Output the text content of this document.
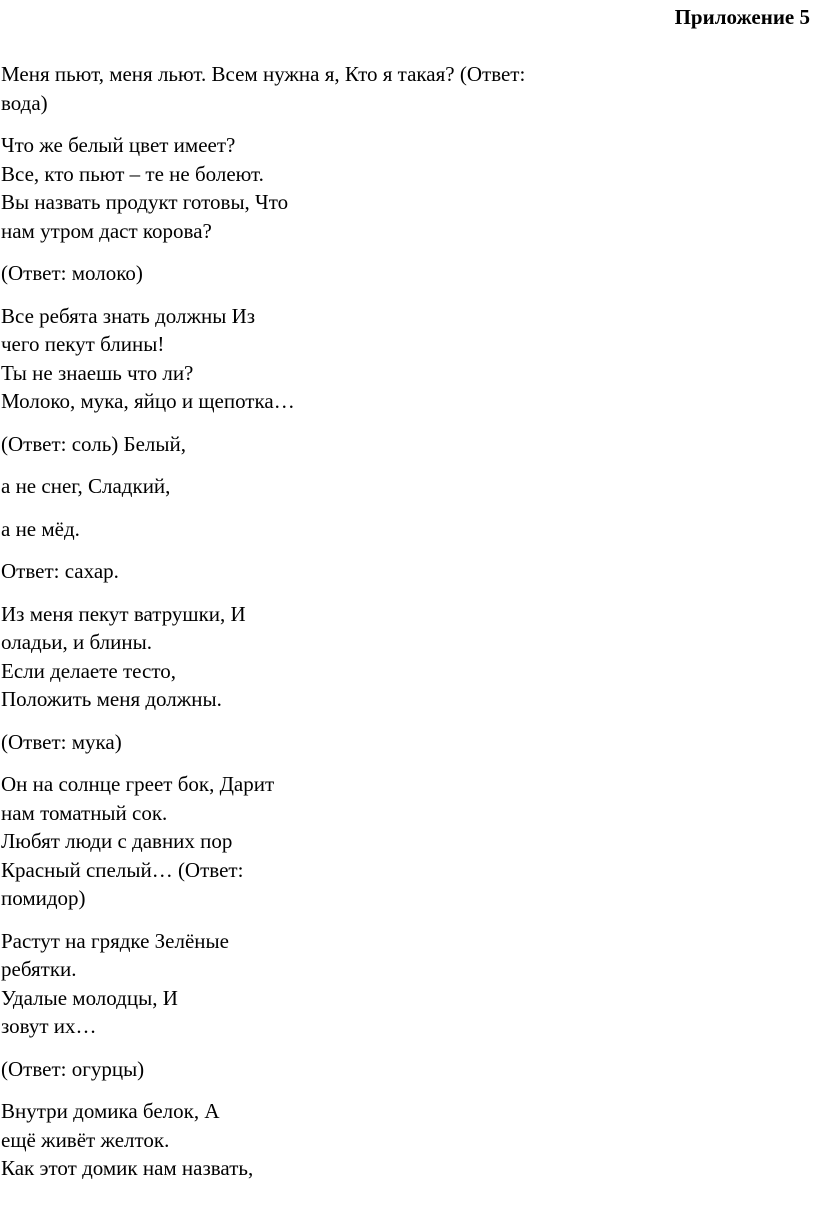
Приложение 5
Меня пьют, меня льют. Всем нужна я, Кто я такая? (Ответ:
вода)
Что же белый цвет имеет?
Все, кто пьют – те не болеют.
Вы назвать продукт готовы, Что
нам утром даст корова?
(Ответ: молоко)
Все ребята знать должны Из
чего пекут блины!
Ты не знаешь что ли?
Молоко, мука, яйцо и щепотка…
(Ответ: соль) Белый,
а не снег, Сладкий,
а не мёд.
Ответ: сахар.
Из меня пекут ватрушки, И
оладьи, и блины.
Если делаете тесто,
Положить меня должны.
(Ответ: мука)
Он на солнце греет бок, Дарит
нам томатный сок.
Любят люди с давних пор
Красный спелый… (Ответ:
помидор)
Растут на грядке Зелёные
ребятки.
Удалые молодцы, И
зовут их…
(Ответ: огурцы)
Внутри домика белок, А
ещё живёт желток.
Как этот домик нам назвать,
